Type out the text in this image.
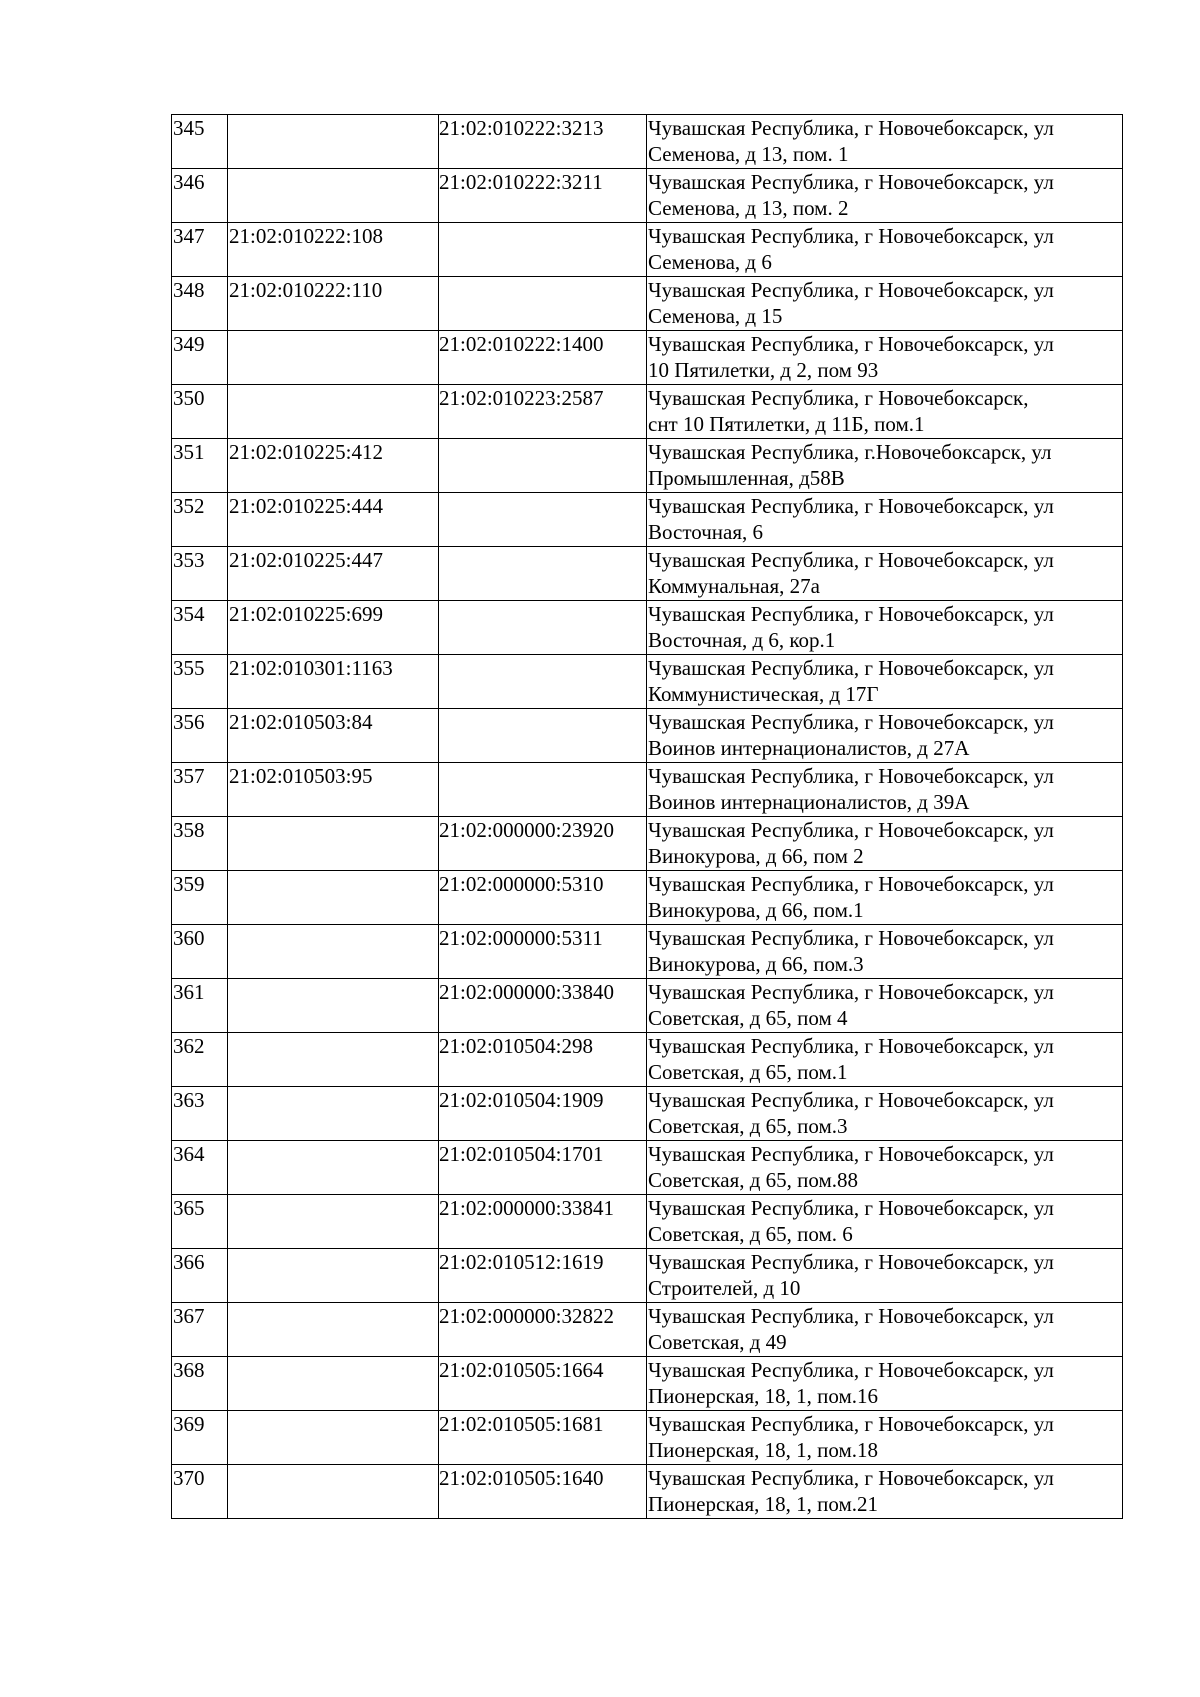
345		21:02:010222:3213	Чувашская Республика, г Новочебоксарск, ул
Семенова, д 13, пом. 1
346		21:02:010222:3211	Чувашская Республика, г Новочебоксарск, ул
Семенова, д 13, пом. 2
347	21:02:010222:108		Чувашская Республика, г Новочебоксарск, ул
Семенова, д 6
348	21:02:010222:110		Чувашская Республика, г Новочебоксарск, ул
Семенова, д 15
349		21:02:010222:1400	Чувашская Республика, г Новочебоксарск, ул
10 Пятилетки, д 2, пом 93
350		21:02:010223:2587	Чувашская Республика, г Новочебоксарск,
снт 10 Пятилетки, д 11Б, пом.1
351	21:02:010225:412		Чувашская Республика, г.Новочебоксарск, ул
Промышленная, д58В
352	21:02:010225:444		Чувашская Республика, г Новочебоксарск, ул
Восточная, 6
353	21:02:010225:447		Чувашская Республика, г Новочебоксарск, ул
Коммунальная, 27а
354	21:02:010225:699		Чувашская Республика, г Новочебоксарск, ул
Восточная, д 6, кор.1
355	21:02:010301:1163		Чувашская Республика, г Новочебоксарск, ул
Коммунистическая, д 17Г
356	21:02:010503:84		Чувашская Республика, г Новочебоксарск, ул
Воинов интернационалистов, д 27А
357	21:02:010503:95		Чувашская Республика, г Новочебоксарск, ул
Воинов интернационалистов, д 39А
358		21:02:000000:23920	Чувашская Республика, г Новочебоксарск, ул
Винокурова, д 66, пом 2
359		21:02:000000:5310	Чувашская Республика, г Новочебоксарск, ул
Винокурова, д 66, пом.1
360		21:02:000000:5311	Чувашская Республика, г Новочебоксарск, ул
Винокурова, д 66, пом.3
361		21:02:000000:33840	Чувашская Республика, г Новочебоксарск, ул
Советская, д 65, пом 4
362		21:02:010504:298	Чувашская Республика, г Новочебоксарск, ул
Советская, д 65, пом.1
363		21:02:010504:1909	Чувашская Республика, г Новочебоксарск, ул
Советская, д 65, пом.3
364		21:02:010504:1701	Чувашская Республика, г Новочебоксарск, ул
Советская, д 65, пом.88
365		21:02:000000:33841	Чувашская Республика, г Новочебоксарск, ул
Советская, д 65, пом. 6
366		21:02:010512:1619	Чувашская Республика, г Новочебоксарск, ул
Строителей, д 10
367		21:02:000000:32822	Чувашская Республика, г Новочебоксарск, ул
Советская, д 49
368		21:02:010505:1664	Чувашская Республика, г Новочебоксарск, ул
Пионерская, 18, 1, пом.16
369		21:02:010505:1681	Чувашская Республика, г Новочебоксарск, ул
Пионерская, 18, 1, пом.18
370		21:02:010505:1640	Чувашская Республика, г Новочебоксарск, ул
Пионерская, 18, 1, пом.21
